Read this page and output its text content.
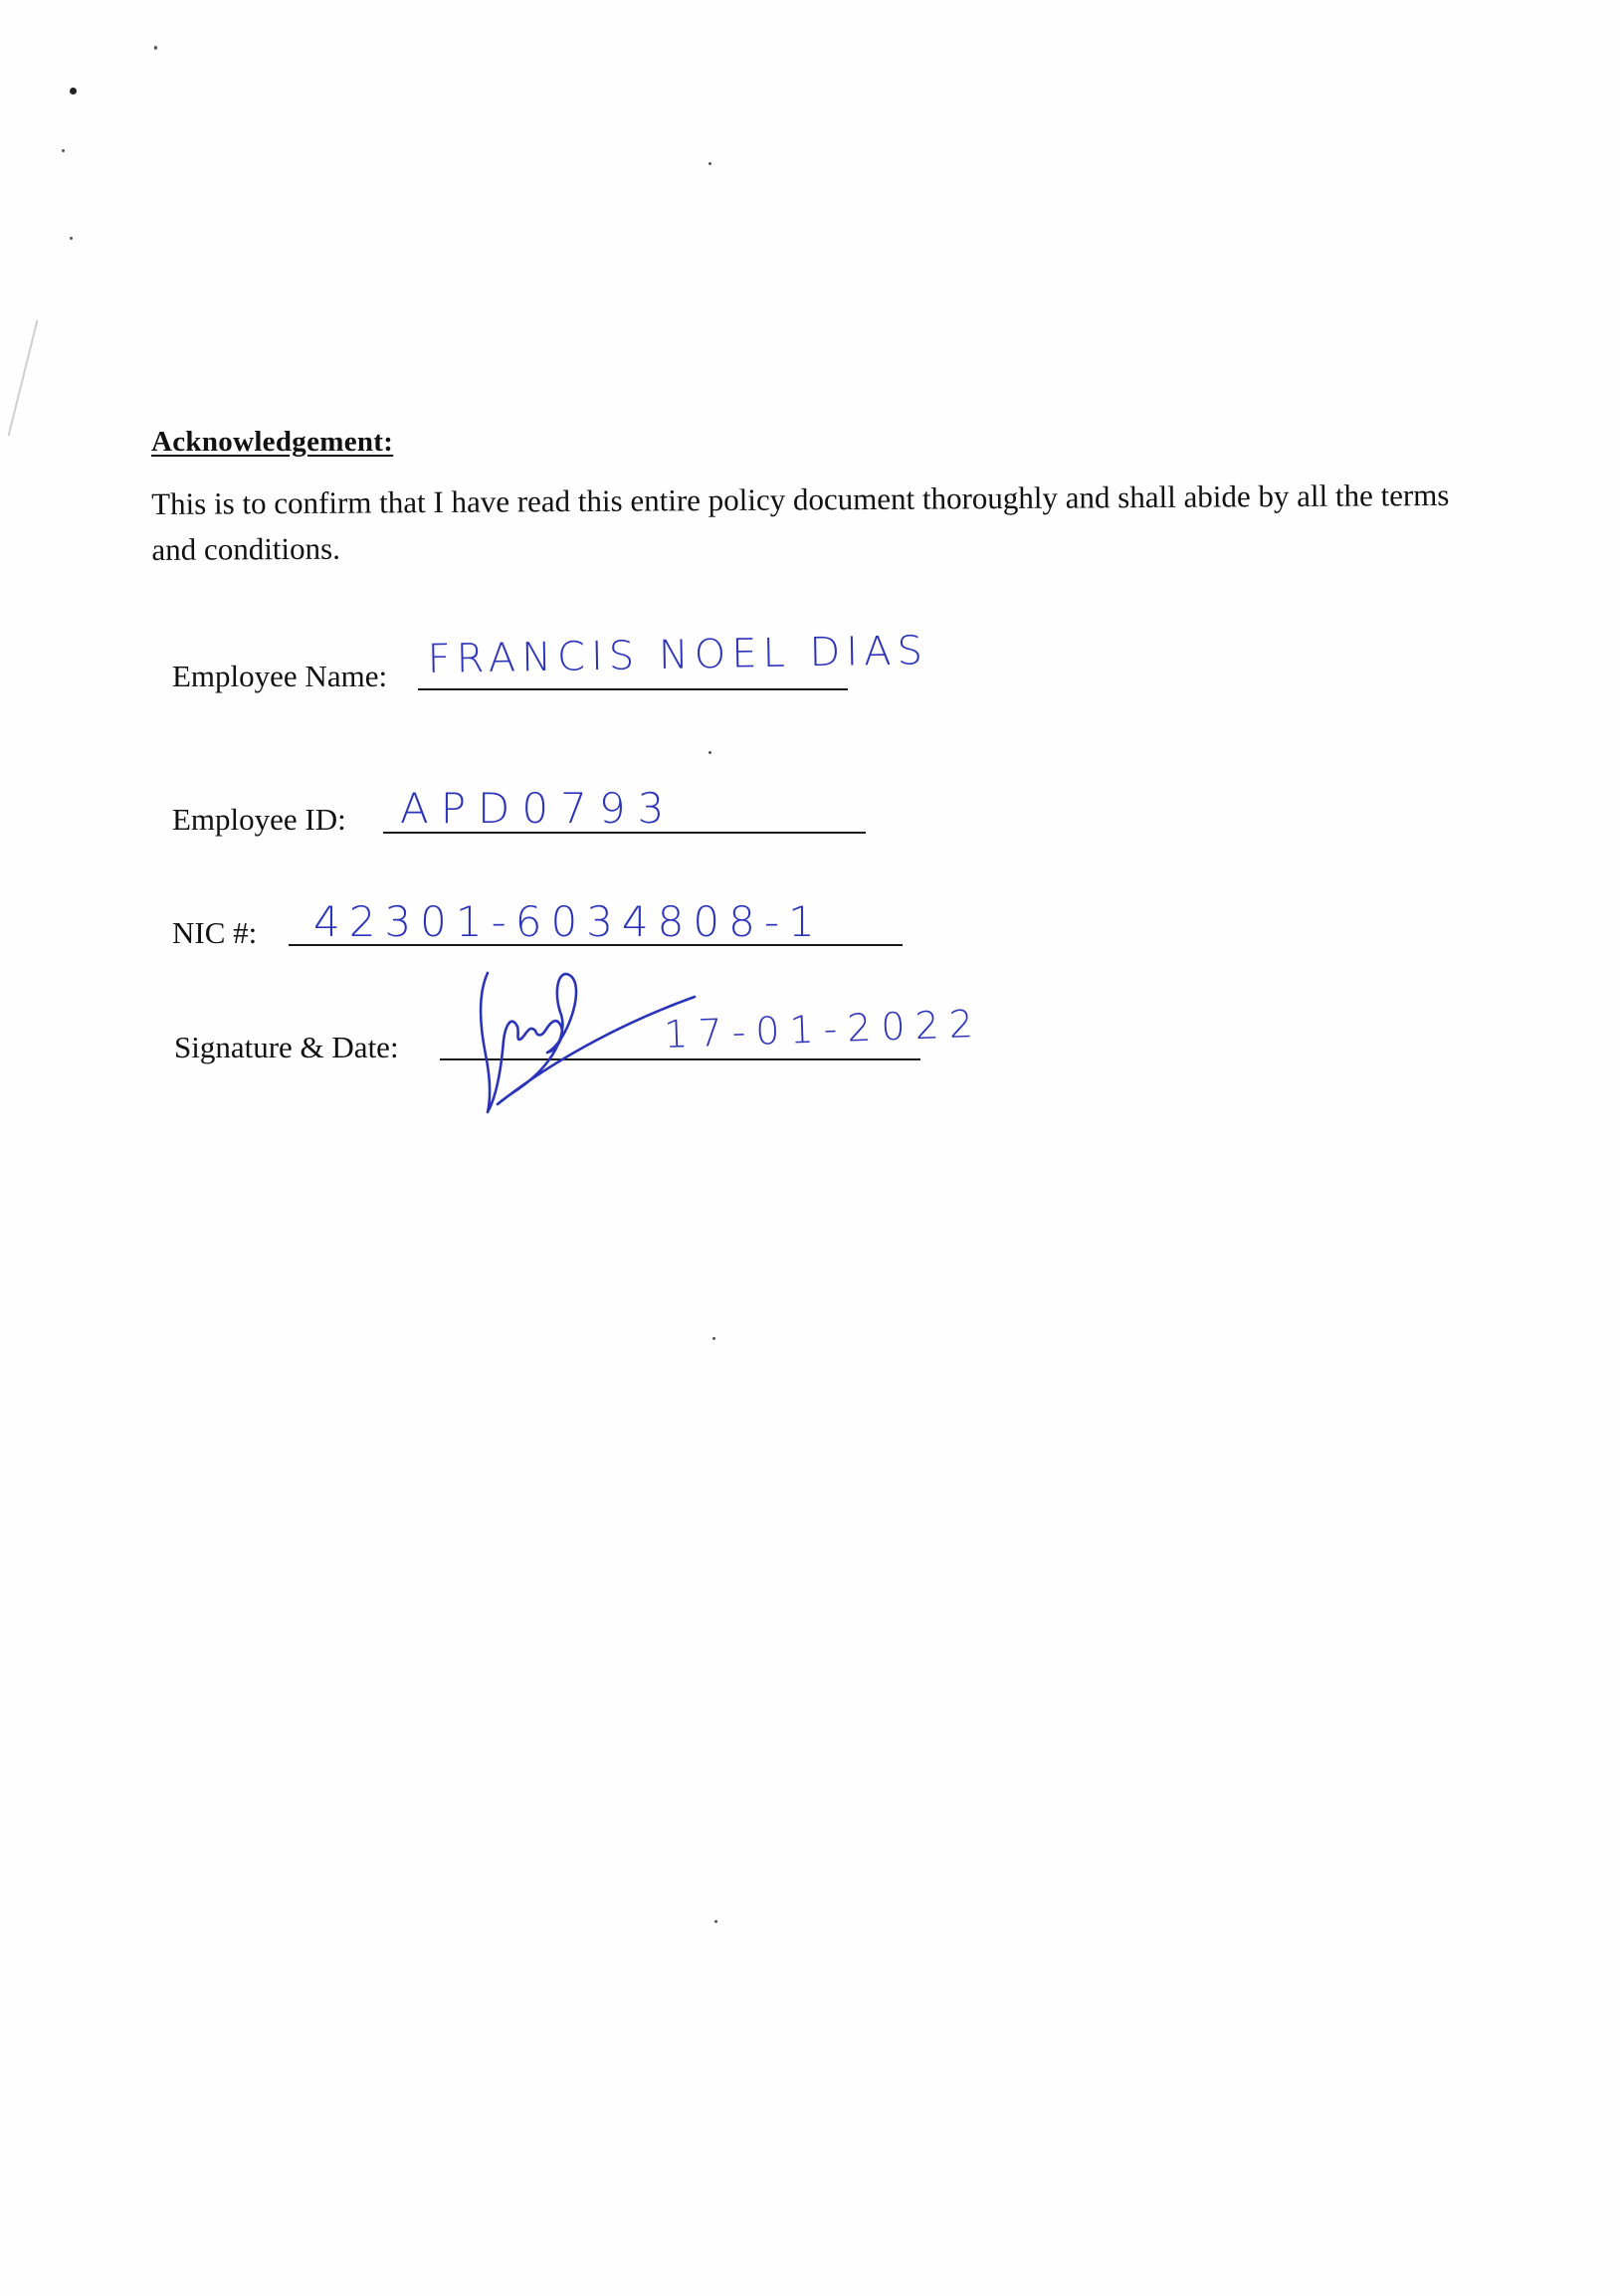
Acknowledgement:
This is to confirm that I have read this entire policy document thoroughly and shall abide by all the terms and conditions.
Employee Name: FRANCIS NOEL DIAS
Employee ID: APD0793
NIC #: 42301-6034808-1
Signature & Date:	17-01-2022
